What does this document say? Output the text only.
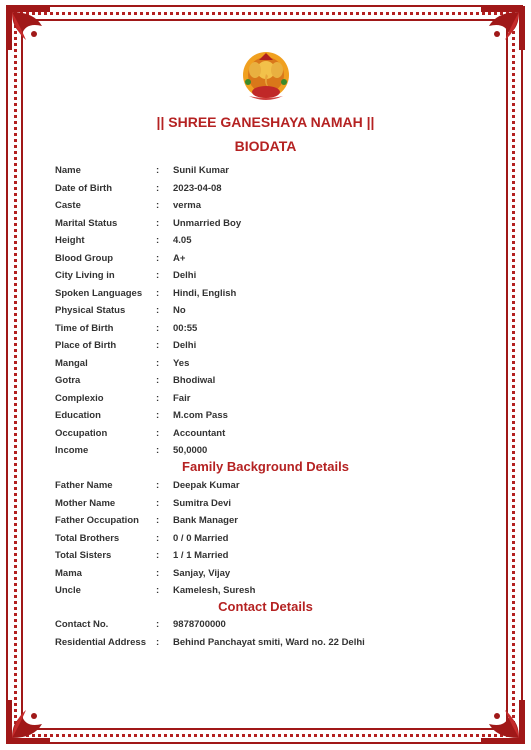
|| SHREE GANESHAYA NAMAH ||
BIODATA
Name	: Sunil Kumar
Date of Birth	: 2023-04-08
Caste	: verma
Marital Status	: Unmarried Boy
Height	: 4.05
Blood Group	: A+
City Living in	: Delhi
Spoken Languages	: Hindi, English
Physical Status	: No
Time of Birth	: 00:55
Place of Birth	: Delhi
Mangal	: Yes
Gotra	: Bhodiwal
Complexio	: Fair
Education	: M.com Pass
Occupation	: Accountant
Income	: 50,0000
Family Background Details
Father Name	: Deepak Kumar
Mother Name	: Sumitra Devi
Father Occupation	: Bank Manager
Total Brothers	: 0 / 0 Married
Total Sisters	: 1 / 1 Married
Mama	: Sanjay, Vijay
Uncle	: Kamelesh, Suresh
Contact Details
Contact No.	: 9878700000
Residential Address	: Behind Panchayat smiti, Ward no. 22 Delhi
